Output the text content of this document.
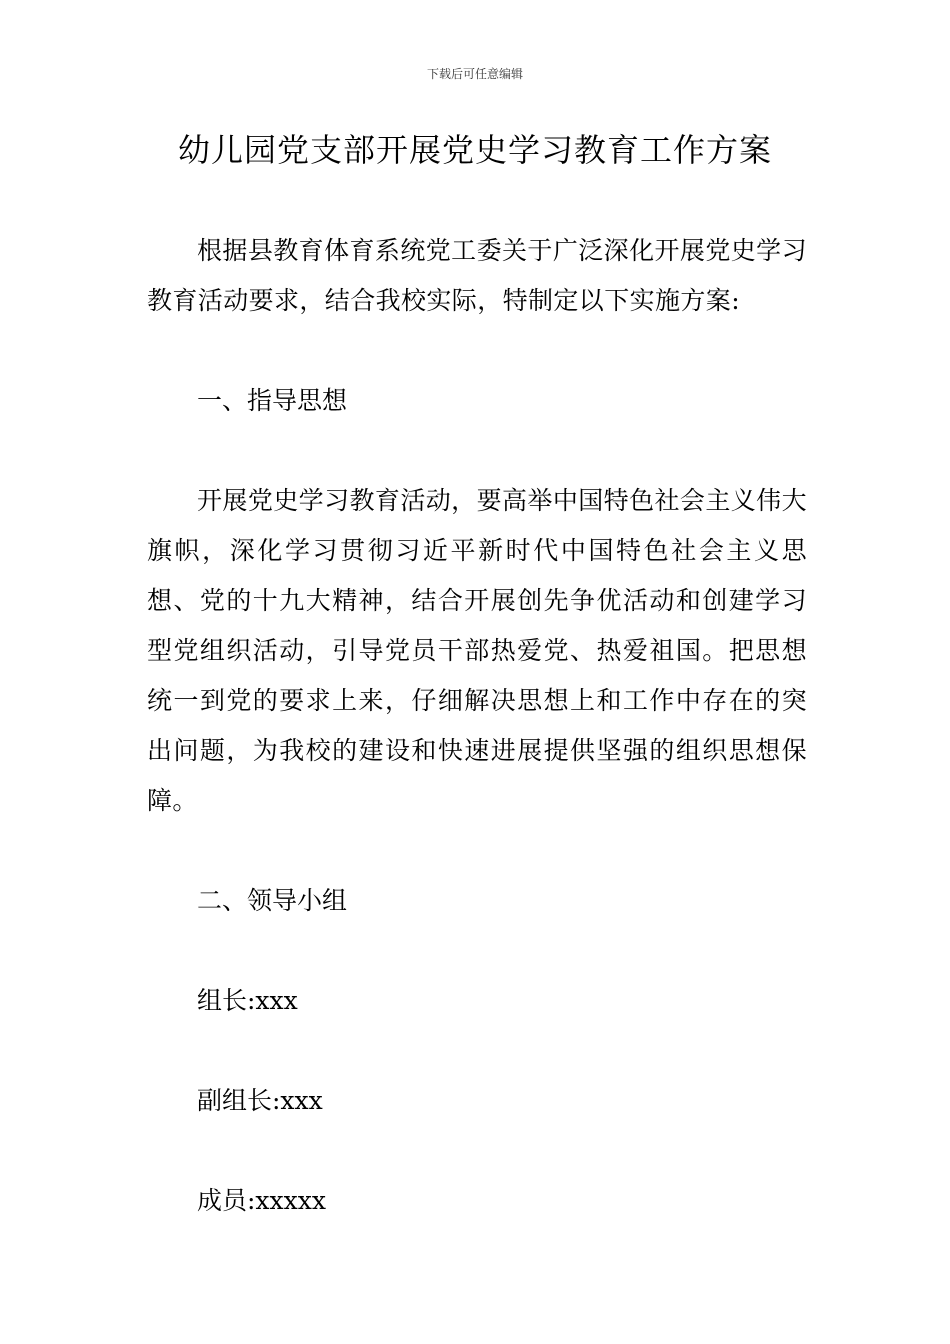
下载后可任意编辑
幼儿园党支部开展党史学习教育工作方案

根据县教育体育系统党工委关于广泛深化开展党史学习教育活动要求，结合我校实际，特制定以下实施方案:

一、指导思想

开展党史学习教育活动，要高举中国特色社会主义伟大旗帜，深化学习贯彻习近平新时代中国特色社会主义思想、党的十九大精神，结合开展创先争优活动和创建学习型党组织活动，引导党员干部热爱党、热爱祖国。把思想统一到党的要求上来，仔细解决思想上和工作中存在的突出问题，为我校的建设和快速进展提供坚强的组织思想保障。

二、领导小组

组长:xxx

副组长:xxx

成员:xxxxx
